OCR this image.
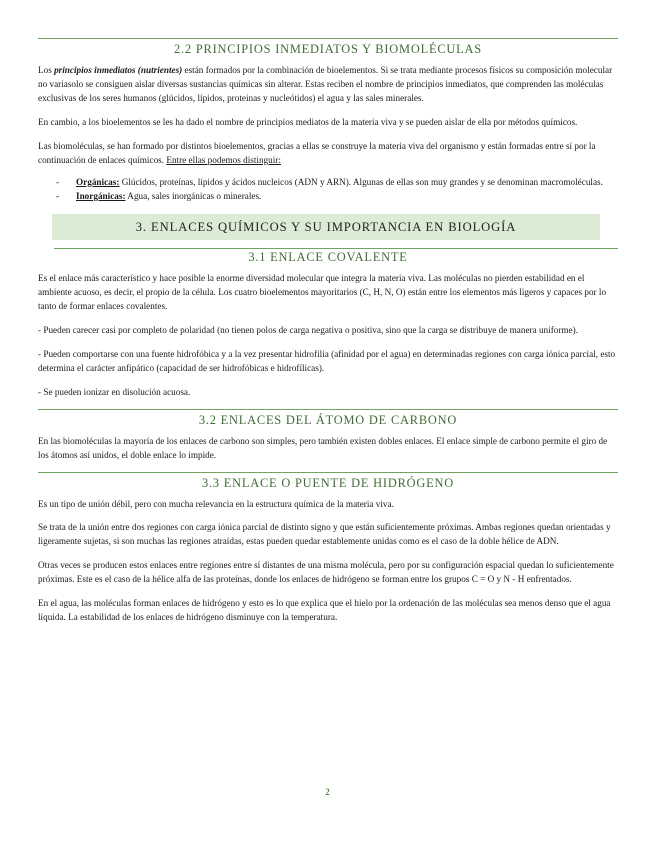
2.2 PRINCIPIOS INMEDIATOS Y BIOMOLÉCULAS

Los principios inmediatos (nutrientes) están formados por la combinación de bioelementos. Si se trata mediante procesos físicos su composición molecular no variasolo se consiguen aislar diversas sustancias químicas sin alterar. Estas reciben el nombre de principios inmediatos, que comprenden las moléculas exclusivas de los seres humanos (glúcidos, lípidos, proteínas y nucleótidos) el agua y las sales minerales.

En cambio, a los bioelementos se les ha dado el nombre de principios mediatos de la materia viva y se pueden aislar de ella por métodos químicos.

Las biomoléculas, se han formado por distintos bioelementos, gracias a ellas se construye la materia viva del organismo y están formadas entre sí por la continuación de enlaces químicos. Entre ellas podemos distinguir:

- Orgánicas: Glúcidos, proteínas, lípidos y ácidos nucleicos (ADN y ARN). Algunas de ellas son muy grandes y se denominan macromoléculas.
- Inorgánicas: Agua, sales inorgánicas o minerales.
3. ENLACES QUÍMICOS Y SU IMPORTANCIA EN BIOLOGÍA
3.1 ENLACE COVALENTE

Es el enlace más característico y hace posible la enorme diversidad molecular que integra la materia viva. Las moléculas no pierden estabilidad en el ambiente acuoso, es decir, el propio de la célula. Los cuatro bioelementos mayoritarios (C, H, N, O) están entre los elementos más ligeros y capaces por lo tanto de formar enlaces covalentes.

- Pueden carecer casi por completo de polaridad (no tienen polos de carga negativa o positiva, sino que la carga se distribuye de manera uniforme).

- Pueden comportarse con una fuente hidrofóbica y a la vez presentar hidrofilia (afinidad por el agua) en determinadas regiones con carga iónica parcial, esto determina el carácter anfipático (capacidad de ser hidrofóbicas e hidrofílicas).

- Se pueden ionizar en disolución acuosa.

3.2 ENLACES DEL ÁTOMO DE CARBONO

En las biomoléculas la mayoría de los enlaces de carbono son simples, pero también existen dobles enlaces. El enlace simple de carbono permite el giro de los átomos así unidos, el doble enlace lo impide.

3.3 ENLACE O PUENTE DE HIDRÓGENO

Es un tipo de unión débil, pero con mucha relevancia en la estructura química de la materia viva.

Se trata de la unión entre dos regiones con carga iónica parcial de distinto signo y que están suficientemente próximas. Ambas regiones quedan orientadas y ligeramente sujetas, si son muchas las regiones atraídas, estas pueden quedar establemente unidas como es el caso de la doble hélice de ADN.

Otras veces se producen estos enlaces entre regiones entre sí distantes de una misma molécula, pero por su configuración espacial quedan lo suficientemente próximas. Este es el caso de la hélice alfa de las proteínas, donde los enlaces de hidrógeno se forman entre los grupos C = O y N - H enfrentados.

En el agua, las moléculas forman enlaces de hidrógeno y esto es lo que explica que el hielo por la ordenación de las moléculas sea menos denso que el agua líquida. La estabilidad de los enlaces de hidrógeno disminuye con la temperatura.

2
